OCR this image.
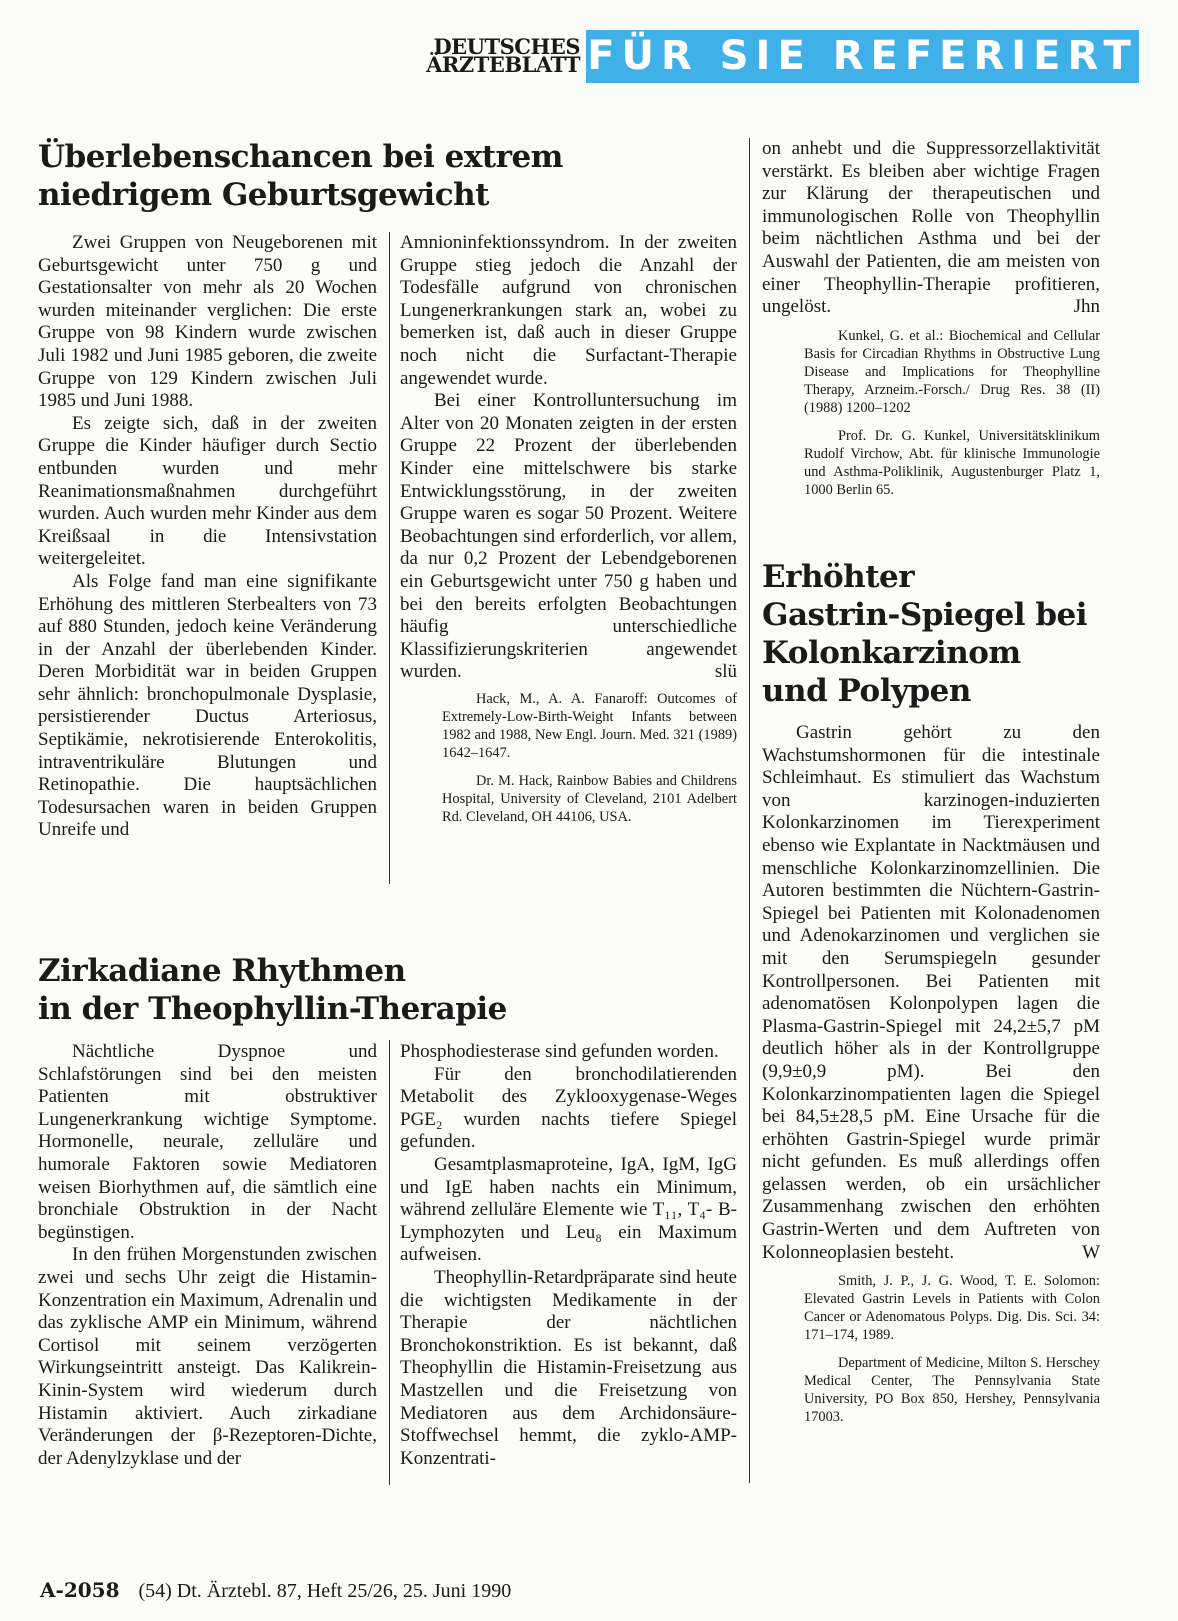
DEUTSCHES
ÄRZTEBLATT FÜR SIE REFERIERT
Überlebenschancen bei extrem
niedrigem Geburtsgewicht

Zwei Gruppen von Neugeborenen mit Geburtsgewicht unter 750 g und Gestationsalter von mehr als 20 Wochen wurden miteinander verglichen: Die erste Gruppe von 98 Kindern wurde zwischen Juli 1982 und Juni 1985 geboren, die zweite Gruppe von 129 Kindern zwischen Juli 1985 und Juni 1988.

Es zeigte sich, daß in der zweiten Gruppe die Kinder häufiger durch Sectio entbunden wurden und mehr Reanimationsmaßnahmen durchgeführt wurden. Auch wurden mehr Kinder aus dem Kreißsaal in die Intensivstation weitergeleitet.

Als Folge fand man eine signifikante Erhöhung des mittleren Sterbealters von 73 auf 880 Stunden, jedoch keine Veränderung in der Anzahl der überlebenden Kinder. Deren Morbidität war in beiden Gruppen sehr ähnlich: bronchopulmonale Dysplasie, persistierender Ductus Arteriosus, Septikämie, nekrotisierende Enterokolitis, intraventrikuläre Blutungen und Retinopathie. Die hauptsächlichen Todesursachen waren in beiden Gruppen Unreife und

Amnioninfektionssyndrom. In der zweiten Gruppe stieg jedoch die Anzahl der Todesfälle aufgrund von chronischen Lungenerkrankungen stark an, wobei zu bemerken ist, daß auch in dieser Gruppe noch nicht die Surfactant-Therapie angewendet wurde.

Bei einer Kontrolluntersuchung im Alter von 20 Monaten zeigten in der ersten Gruppe 22 Prozent der überlebenden Kinder eine mittelschwere bis starke Entwicklungsstörung, in der zweiten Gruppe waren es sogar 50 Prozent. Weitere Beobachtungen sind erforderlich, vor allem, da nur 0,2 Prozent der Lebendgeborenen ein Geburtsgewicht unter 750 g haben und bei den bereits erfolgten Beobachtungen häufig unterschiedliche Klassifizierungskriterien angewendet wurden.	slü

Hack, M., A. A. Fanaroff: Outcomes of Extremely-Low-Birth-Weight Infants between 1982 and 1988, New Engl. Journ. Med. 321 (1989) 1642–1647.

Dr. M. Hack, Rainbow Babies and Childrens Hospital, University of Cleveland, 2101 Adelbert Rd. Cleveland, OH 44106, USA.

Zirkadiane Rhythmen
in der Theophyllin-Therapie

Nächtliche Dyspnoe und Schlafstörungen sind bei den meisten Patienten mit obstruktiver Lungenerkrankung wichtige Symptome. Hormonelle, neurale, zelluläre und humorale Faktoren sowie Mediatoren weisen Biorhythmen auf, die sämtlich eine bronchiale Obstruktion in der Nacht begünstigen.

In den frühen Morgenstunden zwischen zwei und sechs Uhr zeigt die Histamin-Konzentration ein Maximum, Adrenalin und das zyklische AMP ein Minimum, während Cortisol mit seinem verzögerten Wirkungseintritt ansteigt. Das Kalikrein-Kinin-System wird wiederum durch Histamin aktiviert. Auch zirkadiane Veränderungen der β-Rezeptoren-Dichte, der Adenylzyklase und der

Phosphodiesterase sind gefunden worden.

Für den bronchodilatierenden Metabolit des Zyklooxygenase-Weges PGE₂ wurden nachts tiefere Spiegel gefunden.

Gesamtplasmaproteine, IgA, IgM, IgG und IgE haben nachts ein Minimum, während zelluläre Elemente wie T₁₁, T₄- B-Lymphozyten und Leu₈ ein Maximum aufweisen.

Theophyllin-Retardpräparate sind heute die wichtigsten Medikamente in der Therapie der nächtlichen Bronchokonstriktion. Es ist bekannt, daß Theophyllin die Histamin-Freisetzung aus Mastzellen und die Freisetzung von Mediatoren aus dem Archidonsäure-Stoffwechsel hemmt, die zyklo-AMP-Konzentrati-

on anhebt und die Suppressorzellaktivität verstärkt. Es bleiben aber wichtige Fragen zur Klärung der therapeutischen und immunologischen Rolle von Theophyllin beim nächtlichen Asthma und bei der Auswahl der Patienten, die am meisten von einer Theophyllin-Therapie profitieren, ungelöst.	Jhn

Kunkel, G. et al.: Biochemical and Cellular Basis for Circadian Rhythms in Obstructive Lung Disease and Implications for Theophylline Therapy, Arzneim.-Forsch./ Drug Res. 38 (II) (1988) 1200–1202

Prof. Dr. G. Kunkel, Universitätsklinikum Rudolf Virchow, Abt. für klinische Immunologie und Asthma-Poliklinik, Augustenburger Platz 1, 1000 Berlin 65.

Erhöhter
Gastrin-Spiegel bei
Kolonkarzinom
und Polypen

Gastrin gehört zu den Wachstumshormonen für die intestinale Schleimhaut. Es stimuliert das Wachstum von karzinogen-induzierten Kolonkarzinomen im Tierexperiment ebenso wie Explantate in Nacktmäusen und menschliche Kolonkarzinomzellinien. Die Autoren bestimmten die Nüchtern-Gastrin-Spiegel bei Patienten mit Kolonadenomen und Adenokarzinomen und verglichen sie mit den Serumspiegeln gesunder Kontrollpersonen. Bei Patienten mit adenomatösen Kolonpolypen lagen die Plasma-Gastrin-Spiegel mit 24,2±5,7 pM deutlich höher als in der Kontrollgruppe (9,9±0,9 pM). Bei den Kolonkarzinompatienten lagen die Spiegel bei 84,5±28,5 pM. Eine Ursache für die erhöhten Gastrin-Spiegel wurde primär nicht gefunden. Es muß allerdings offen gelassen werden, ob ein ursächlicher Zusammenhang zwischen den erhöhten Gastrin-Werten und dem Auftreten von Kolonneoplasien besteht.	W

Smith, J. P., J. G. Wood, T. E. Solomon: Elevated Gastrin Levels in Patients with Colon Cancer or Adenomatous Polyps. Dig. Dis. Sci. 34: 171–174, 1989.

Department of Medicine, Milton S. Herschey Medical Center, The Pennsylvania State University, PO Box 850, Hershey, Pennsylvania 17003.

A-2058 (54) Dt. Ärztebl. 87, Heft 25/26, 25. Juni 1990
